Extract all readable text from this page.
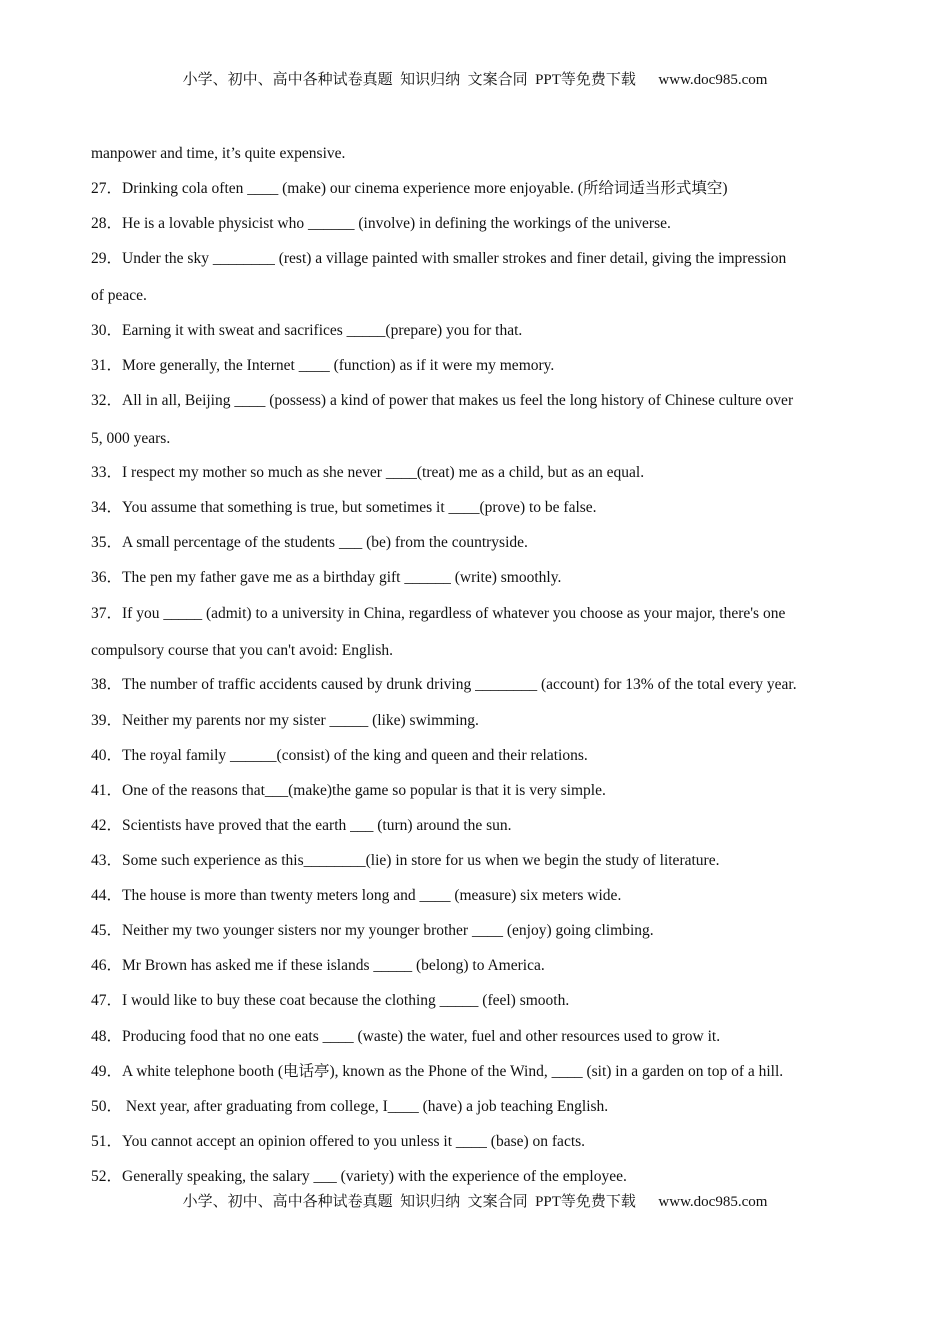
小学、初中、高中各种试卷真题  知识归纳  文案合同  PPT等免费下载      www.doc985.com

manpower and time, it’s quite expensive.

27．Drinking cola often ____ (make) our cinema experience more enjoyable. (所给词适当形式填空)

28．He is a lovable physicist who ______ (involve) in defining the workings of the universe.

29．Under the sky ________ (rest) a village painted with smaller strokes and finer detail, giving the impression

of peace.

30．Earning it with sweat and sacrifices _____(prepare) you for that.

31．More generally, the Internet ____ (function) as if it were my memory.

32．All in all, Beijing ____ (possess) a kind of power that makes us feel the long history of Chinese culture over

5, 000 years.

33．I respect my mother so much as she never ____(treat) me as a child, but as an equal.

34．You assume that something is true, but sometimes it ____(prove) to be false.

35．A small percentage of the students ___ (be) from the countryside.

36．The pen my father gave me as a birthday gift ______ (write) smoothly.

37．If you _____ (admit) to a university in China, regardless of whatever you choose as your major, there's one

compulsory course that you can't avoid: English.

38．The number of traffic accidents caused by drunk driving ________ (account) for 13% of the total every year.

39．Neither my parents nor my sister _____ (like) swimming.

40．The royal family ______(consist) of the king and queen and their relations.

41．One of the reasons that___(make)the game so popular is that it is very simple.

42．Scientists have proved that the earth ___ (turn) around the sun.

43．Some such experience as this________(lie) in store for us when we begin the study of literature.

44．The house is more than twenty meters long and ____ (measure) six meters wide.

45．Neither my two younger sisters nor my younger brother ____ (enjoy) going climbing.

46．Mr Brown has asked me if these islands _____ (belong) to America.

47．I would like to buy these coat because the clothing _____ (feel) smooth.

48．Producing food that no one eats ____ (waste) the water, fuel and other resources used to grow it.

49．A white telephone booth (电话亭), known as the Phone of the Wind, ____ (sit) in a garden on top of a hill.

50． Next year, after graduating from college, I____ (have) a job teaching English.

51．You cannot accept an opinion offered to you unless it ____ (base) on facts.

52．Generally speaking, the salary ___ (variety) with the experience of the employee.

小学、初中、高中各种试卷真题  知识归纳  文案合同  PPT等免费下载      www.doc985.com
